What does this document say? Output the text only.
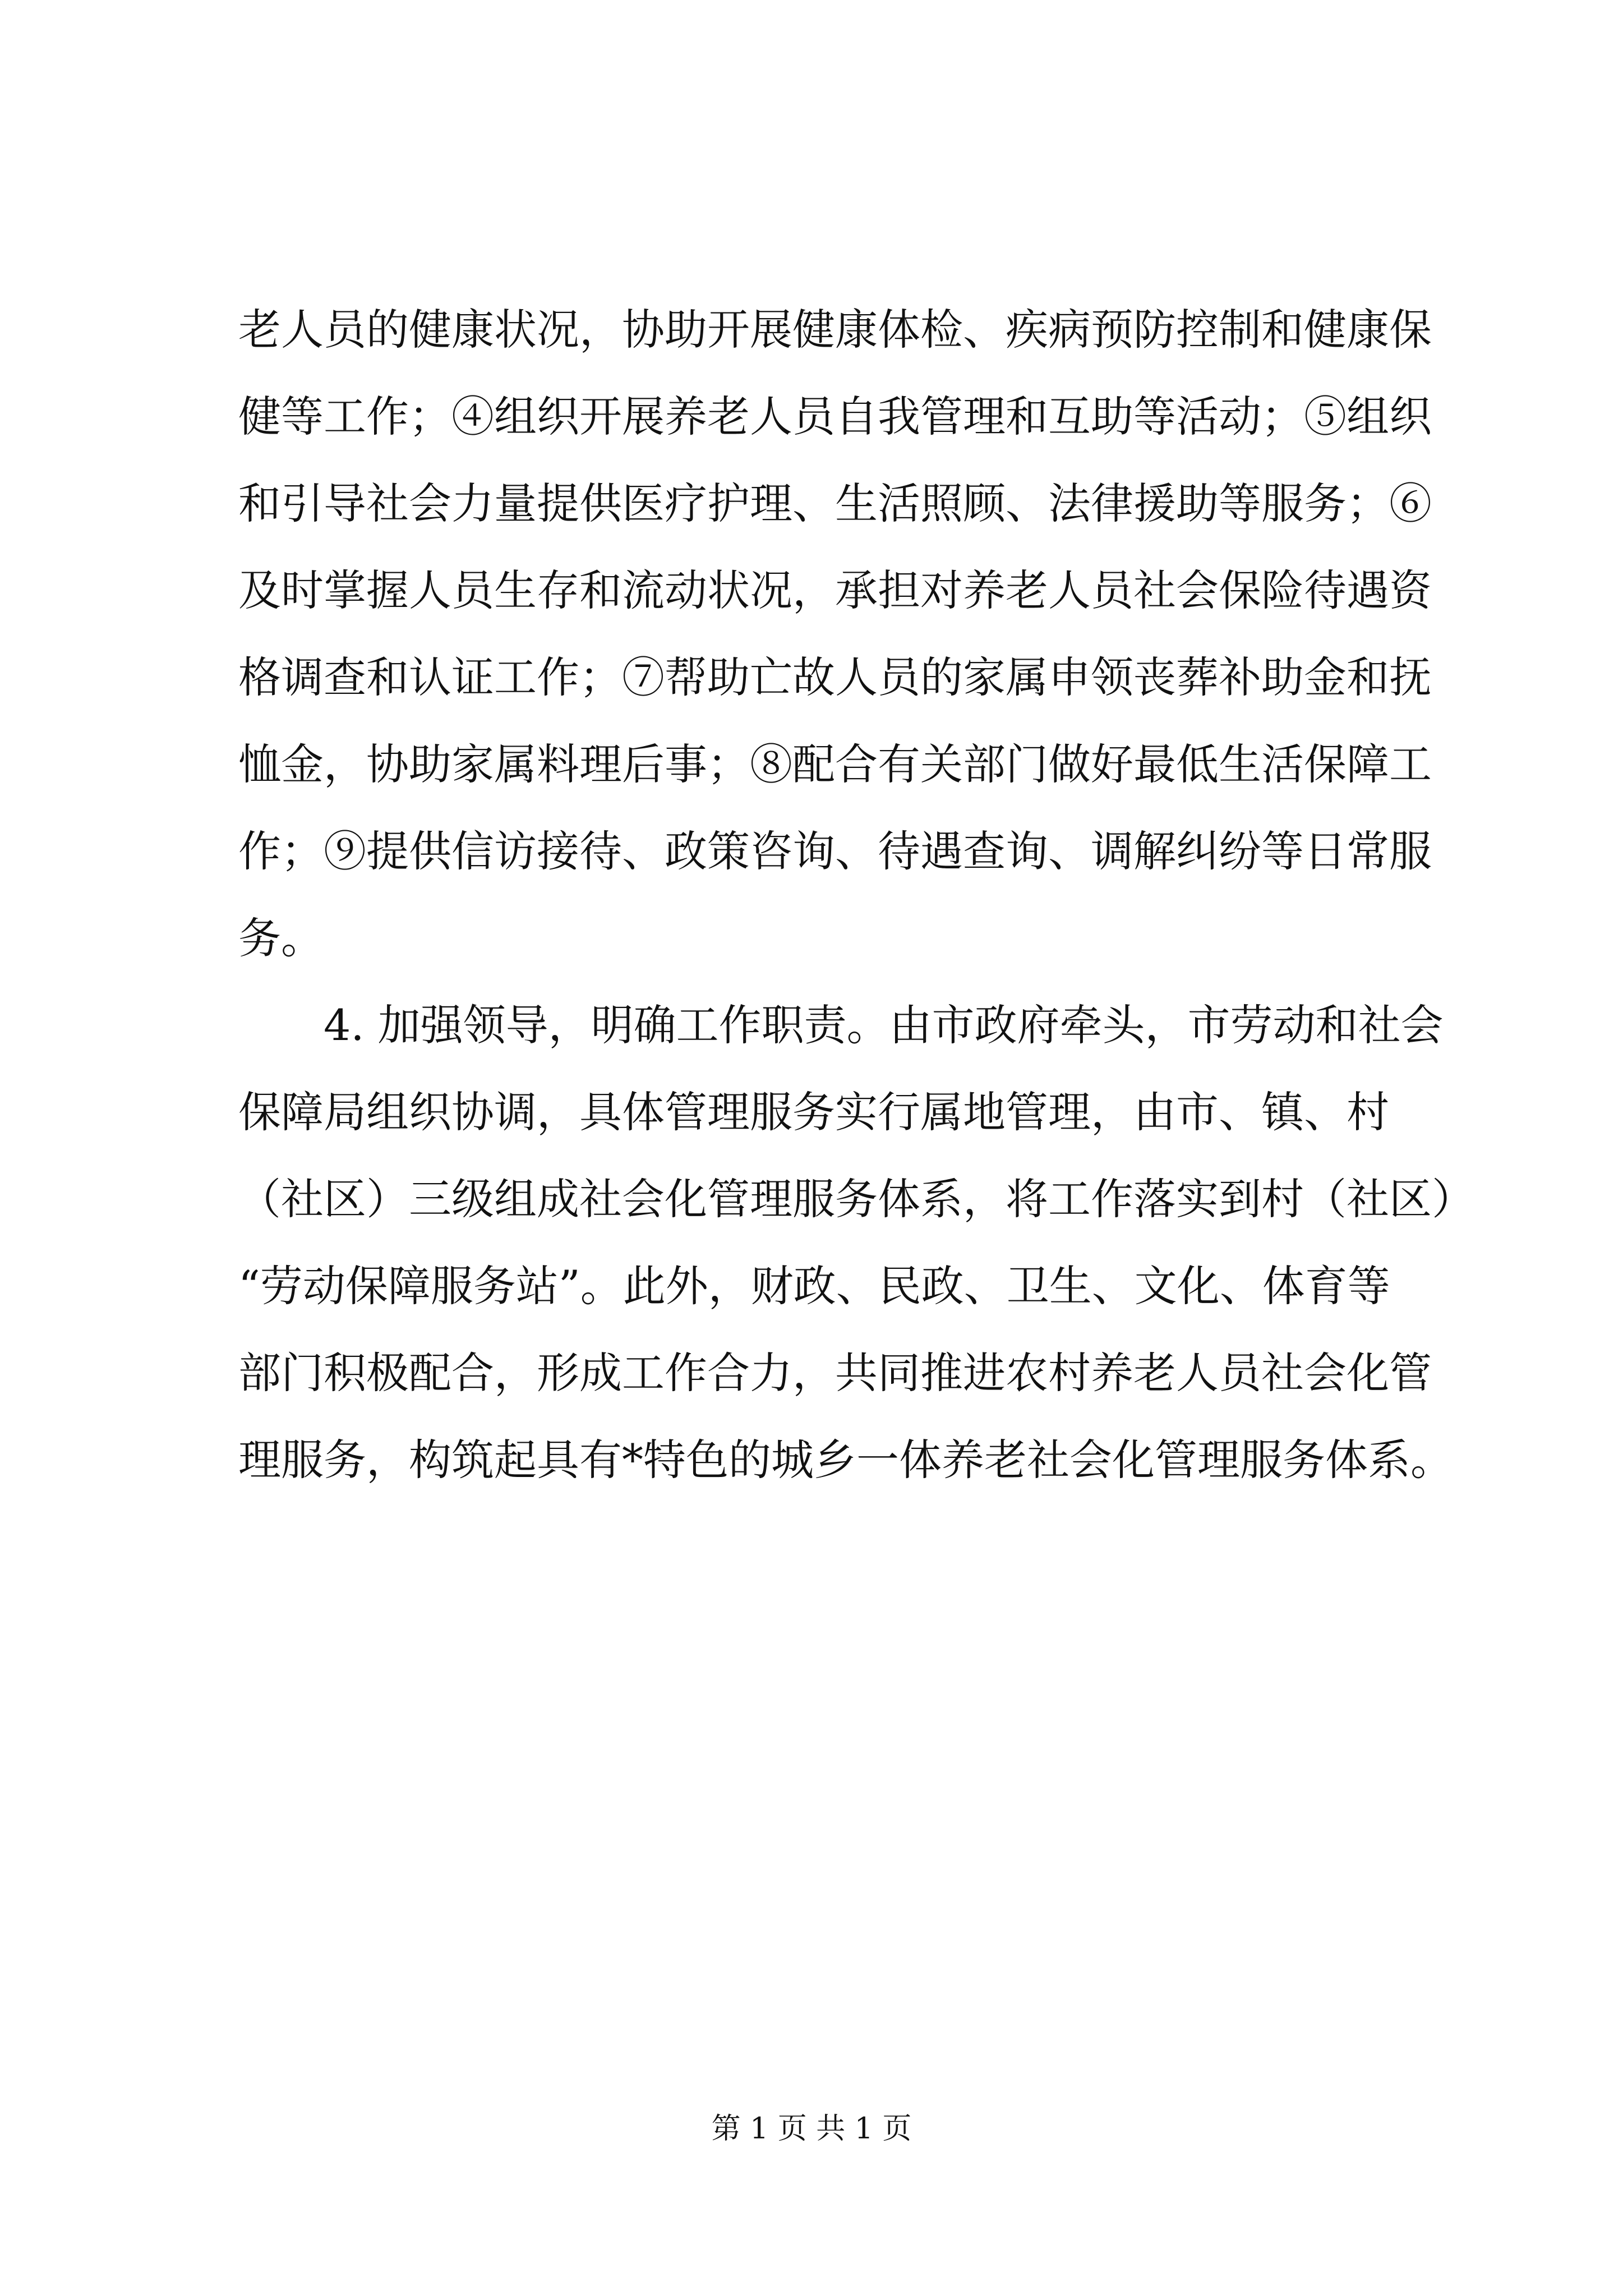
老人员的健康状况，协助开展健康体检、疾病预防控制和健康保
健等工作；④组织开展养老人员自我管理和互助等活动；⑤组织
和引导社会力量提供医疗护理、生活照顾、法律援助等服务；⑥
及时掌握人员生存和流动状况，承担对养老人员社会保险待遇资
格调查和认证工作；⑦帮助亡故人员的家属申领丧葬补助金和抚
恤金，协助家属料理后事；⑧配合有关部门做好最低生活保障工
作；⑨提供信访接待、政策咨询、待遇查询、调解纠纷等日常服
务。
　　4. 加强领导，明确工作职责。由市政府牵头，市劳动和社会
保障局组织协调，具体管理服务实行属地管理，由市、镇、村
（社区）三级组成社会化管理服务体系，将工作落实到村（社区）
“劳动保障服务站”。此外，财政、民政、卫生、文化、体育等
部门积极配合，形成工作合力，共同推进农村养老人员社会化管
理服务，构筑起具有*特色的城乡一体养老社会化管理服务体系。
第 1 页 共 1 页
